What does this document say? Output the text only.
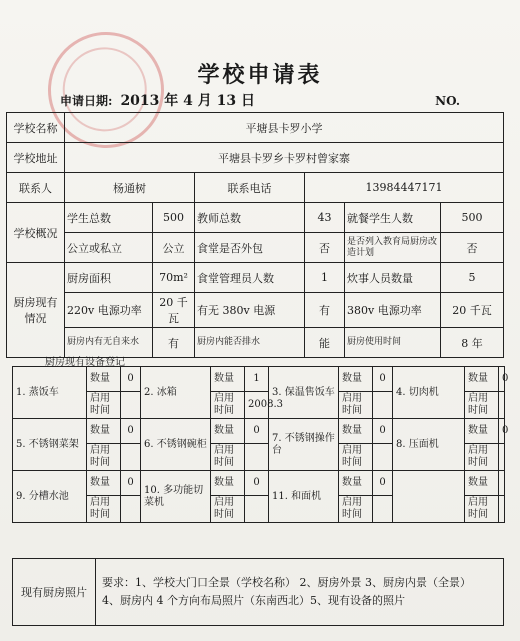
学校申请表
申请日期: 2013 年 4 月 13 日	NO.
学校名称	平塘县卡罗小学					
学校地址	平塘县卡罗乡卡罗村曾家寨					
联系人	杨通树		联系电话	13984447171		
学校概况	学生总数	500	教师总数	43	就餐学生人数	500
	公立或私立	公立	食堂是否外包	否	是否列入教育局厨房改造计划	否
厨房现有情况	厨房面积	70m²	食堂管理员人数	1	炊事人员数量	5
	220v 电源功率	20 千瓦	有无 380v 电源	有	380v 电源功率	20 千瓦
	厨房内有无自来水	有	厨房内能否排水	能	厨房使用时间	8 年
厨房现有设备登记
1. 蒸饭车	数量	0	2. 冰箱	数量	1	3. 保温售饭车	数量	0	4. 切肉机	数量	0
	启用时间			启用时间	2008.3		启用时间			启用时间	
5. 不锈钢菜架	数量	0	6. 不锈钢碗柜	数量	0	7. 不锈钢操作台	数量	0	8. 压面机	数量	0
	启用时间			启用时间			启用时间			启用时间	
9. 分槽水池	数量	0	10. 多功能切菜机	数量	0	11. 和面机	数量	0		数量	
	启用时间			启用时间			启用时间			启用时间	
现有厨房照片	
要求：1、学校大门口全景（学校名称） 2、厨房外景 3、厨房内景（全景）
4、厨房内 4 个方向布局照片（东南西北）5、现有设备的照片
